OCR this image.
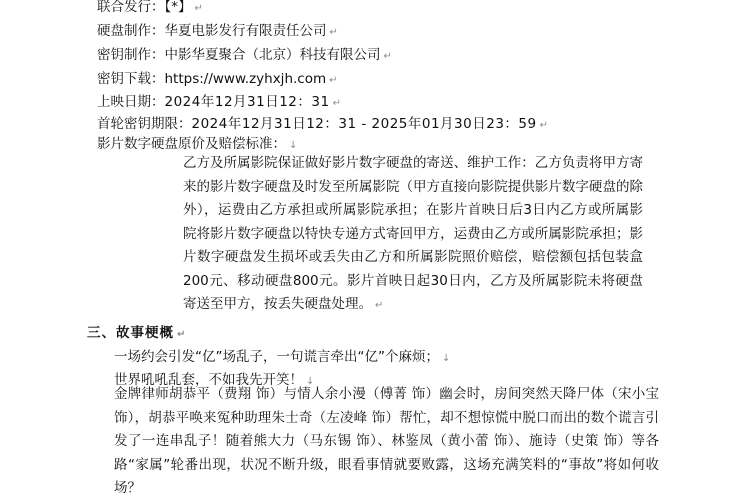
联合发行：【*】 ↵
硬盘制作：华夏电影发行有限责任公司 ↵
密钥制作：中影华夏聚合（北京）科技有限公司 ↵
密钥下载：https://www.zyhxjh.com ↵
上映日期：2024年12月31日12：31 ↵
首轮密钥期限：2024年12月31日12：31 - 2025年01月30日23：59 ↵
影片数字硬盘原价及赔偿标准： ↓
乙方及所属影院保证做好影片数字硬盘的寄送、维护工作：乙方负责将甲方寄来的影片数字硬盘及时发至所属影院（甲方直接向影院提供影片数字硬盘的除外），运费由乙方承担或所属影院承担；在影片首映日后3日内乙方或所属影院将影片数字硬盘以特快专递方式寄回甲方，运费由乙方或所属影院承担；影片数字硬盘发生损坏或丢失由乙方和所属影院照价赔偿，赔偿额包括包装盒200元、移动硬盘800元。影片首映日起30日内，乙方及所属影院未将硬盘寄送至甲方，按丢失硬盘处理。 ↵
三、故事梗概 ↵
一场约会引发“亿”场乱子，一句谎言牵出“亿”个麻烦； ↓
世界吼吼乱套，不如我先开笑！ ↓
金牌律师胡恭平（费翔 饰）与情人余小漫（傅菁 饰）幽会时，房间突然天降尸体（宋小宝 饰），胡恭平唤来冤种助理朱士奇（左凌峰 饰）帮忙，却不想惊慌中脱口而出的数个谎言引发了一连串乱子！随着熊大力（马东锡 饰）、林鉴凤（黄小蕾 饰）、施诗（史策 饰）等各路“家属”轮番出现，状况不断升级，眼看事情就要败露，这场充满笑料的“事故”将如何收场？
